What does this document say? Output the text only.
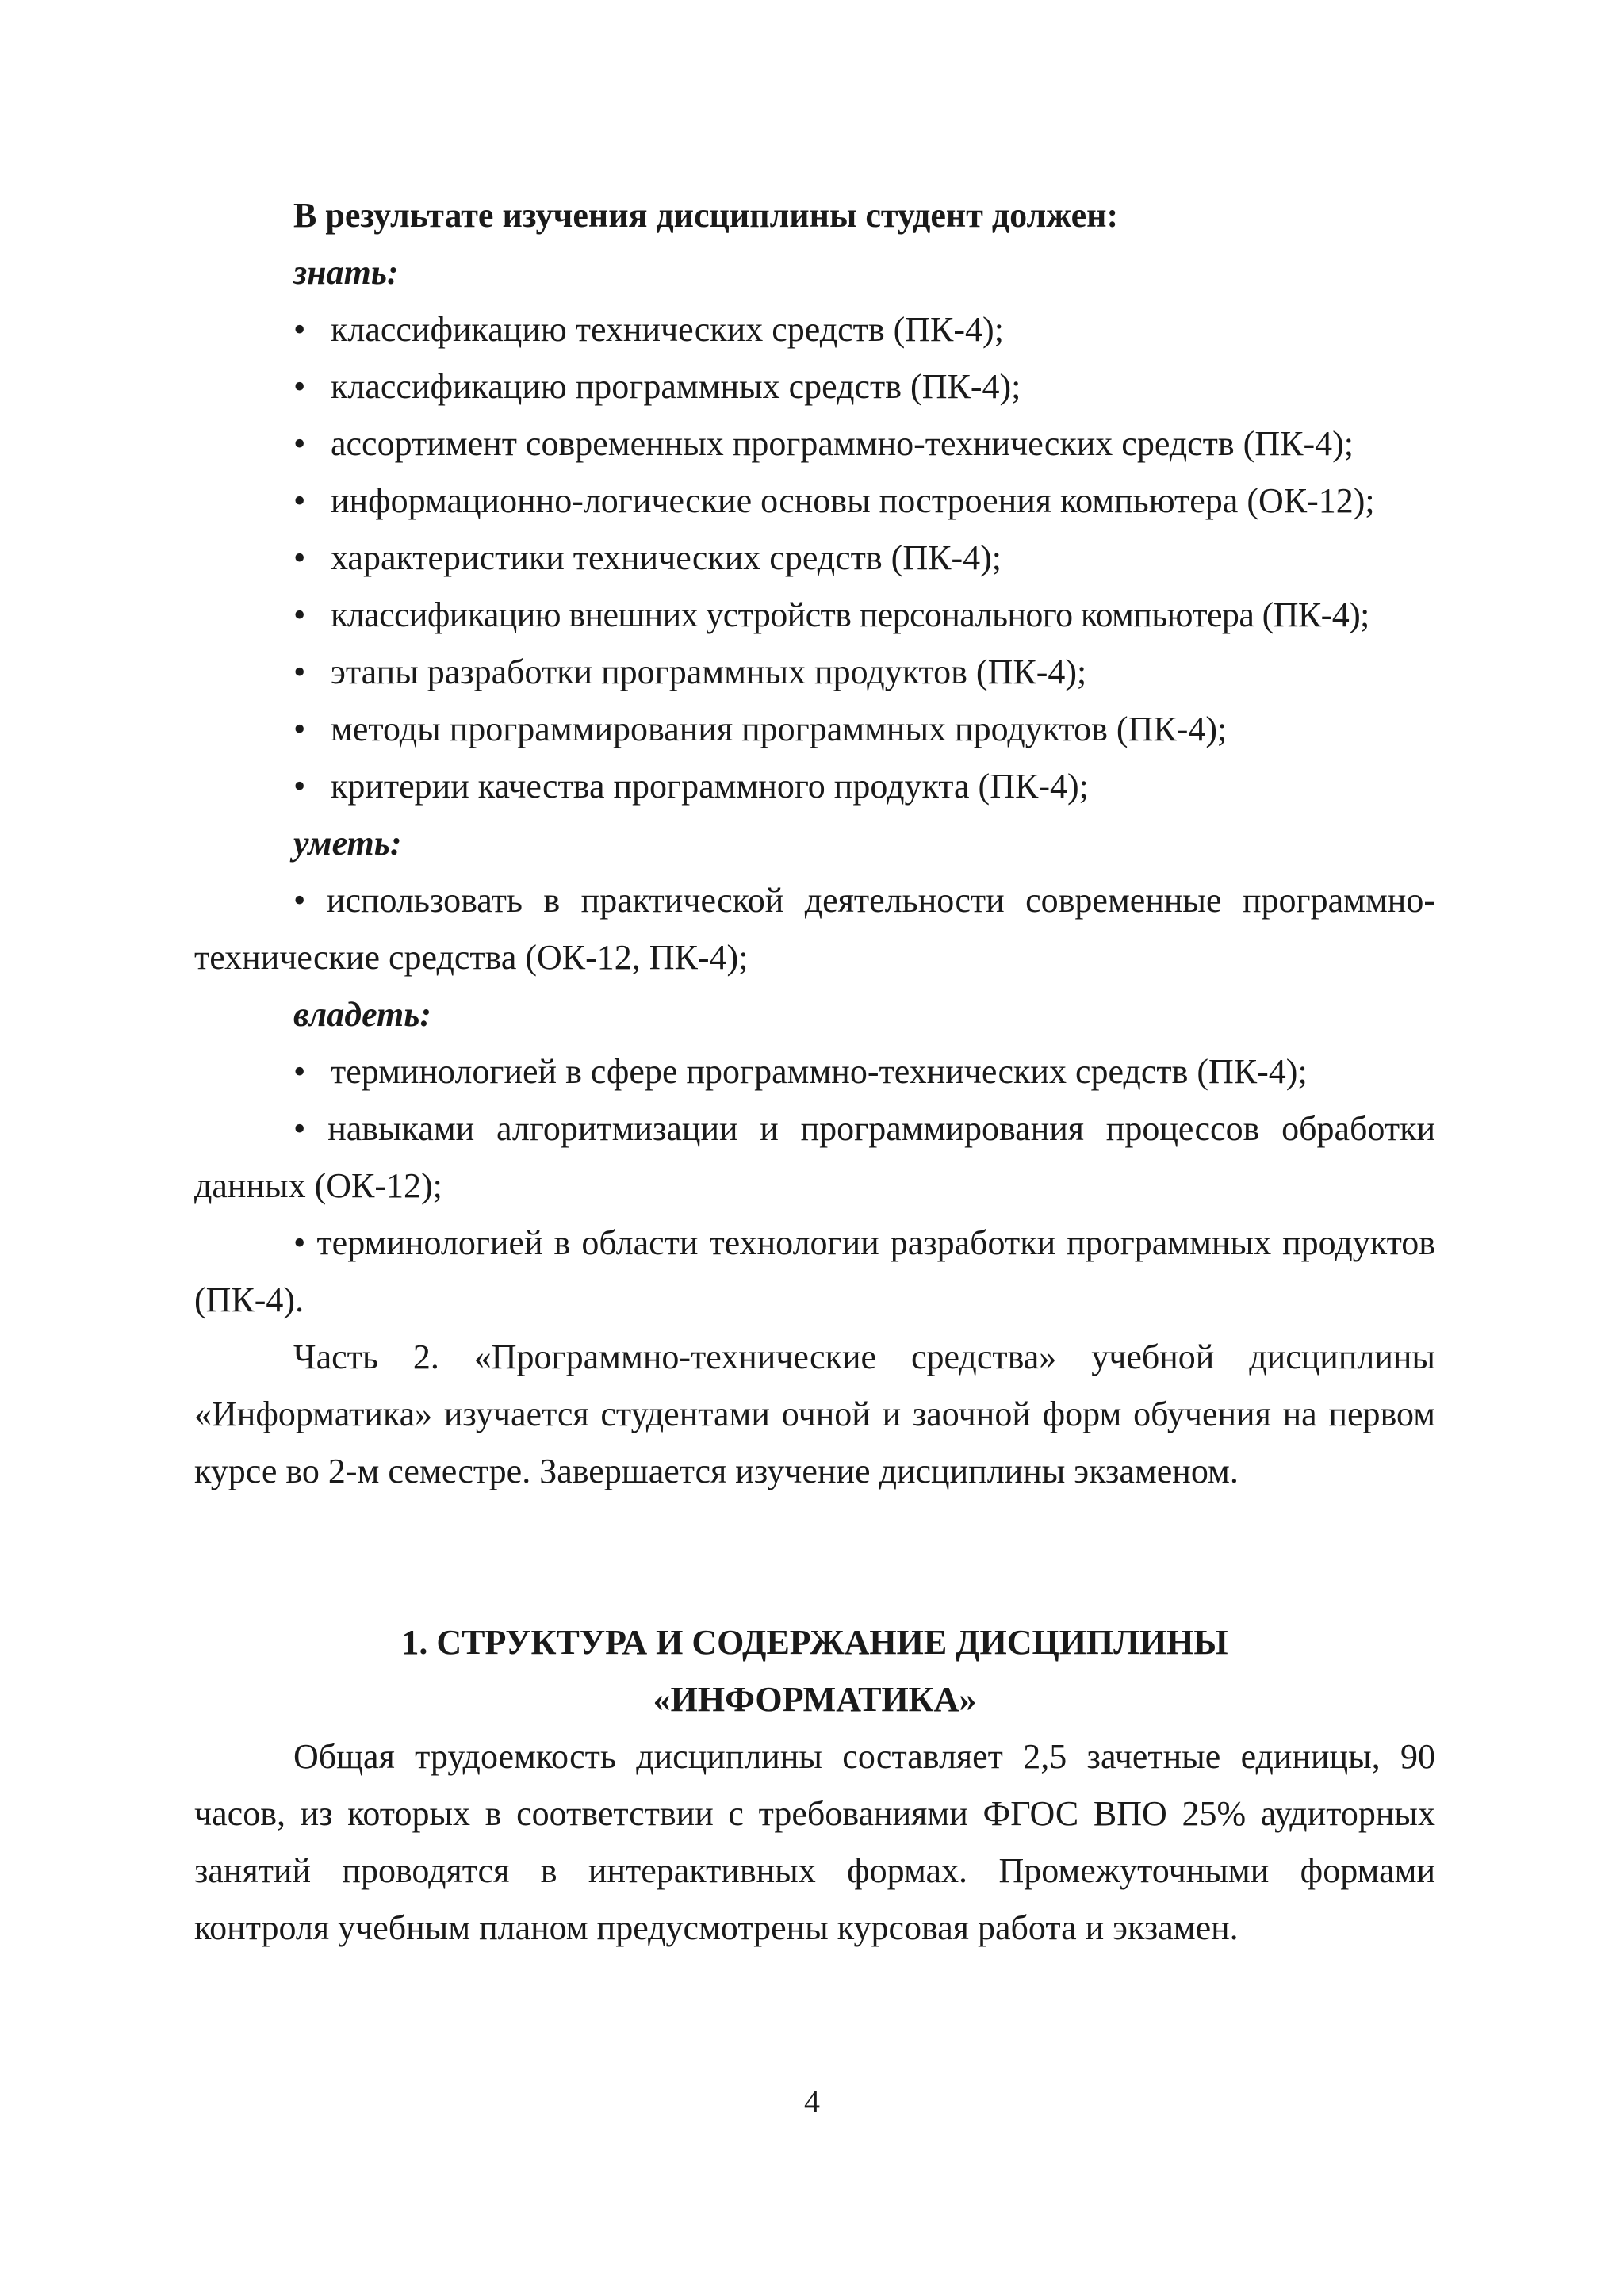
В результате изучения дисциплины студент должен:

знать:

• классификацию технических средств (ПК-4);
• классификацию программных средств (ПК-4);
• ассортимент современных программно-технических средств (ПК-4);
• информационно-логические основы построения компьютера (ОК-12);
• характеристики технических средств (ПК-4);
• классификацию внешних устройств персонального компьютера (ПК-4);
• этапы разработки программных продуктов (ПК-4);
• методы программирования программных продуктов (ПК-4);
• критерии качества программного продукта (ПК-4);

уметь:

• использовать в практической деятельности современные программно-технические средства (ОК-12, ПК-4);

владеть:

• терминологией в сфере программно-технических средств (ПК-4);

• навыками алгоритмизации и программирования процессов обработки данных (ОК-12);

• терминологией в области технологии разработки программных продуктов (ПК-4).

Часть 2. «Программно-технические средства» учебной дисциплины «Информатика» изучается студентами очной и заочной форм обучения на первом курсе во 2-м семестре. Завершается изучение дисциплины экзаменом.

1. СТРУКТУРА И СОДЕРЖАНИЕ ДИСЦИПЛИНЫ

«ИНФОРМАТИКА»

Общая трудоемкость дисциплины составляет 2,5 зачетные единицы, 90 часов, из которых в соответствии с требованиями ФГОС ВПО 25% аудиторных занятий проводятся в интерактивных формах. Промежуточными формами контроля учебным планом предусмотрены курсовая работа и экзамен.

4
